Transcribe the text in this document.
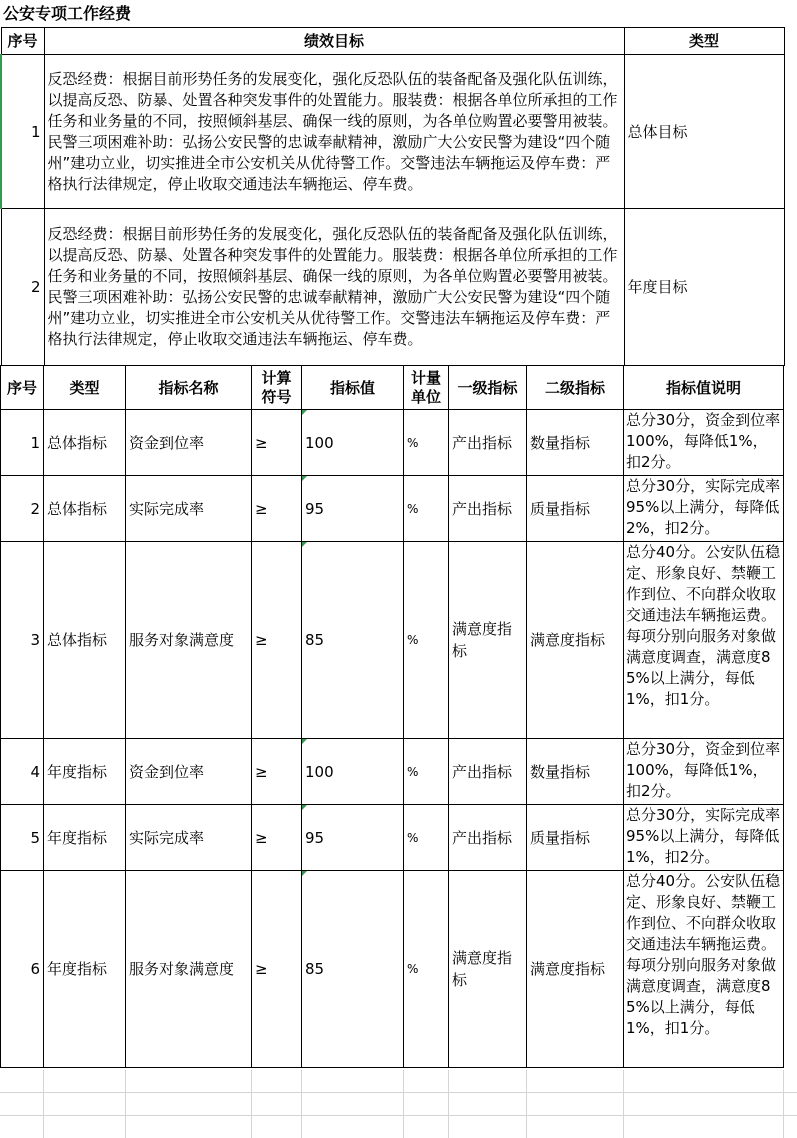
公安专项工作经费
序号	绩效目标	类型
1	反恐经费：根据目前形势任务的发展变化，强化反恐队伍的装备配备及强化队伍训练，以提高反恐、防暴、处置各种突发事件的处置能力。服装费：根据各单位所承担的工作任务和业务量的不同，按照倾斜基层、确保一线的原则，为各单位购置必要警用被装。民警三项困难补助：弘扬公安民警的忠诚奉献精神，激励广大公安民警为建设“四个随州”建功立业，切实推进全市公安机关从优待警工作。交警违法车辆拖运及停车费：严格执行法律规定，停止收取交通违法车辆拖运、停车费。	总体目标
2	反恐经费：根据目前形势任务的发展变化，强化反恐队伍的装备配备及强化队伍训练，以提高反恐、防暴、处置各种突发事件的处置能力。服装费：根据各单位所承担的工作任务和业务量的不同，按照倾斜基层、确保一线的原则，为各单位购置必要警用被装。民警三项困难补助：弘扬公安民警的忠诚奉献精神，激励广大公安民警为建设“四个随州”建功立业，切实推进全市公安机关从优待警工作。交警违法车辆拖运及停车费：严格执行法律规定，停止收取交通违法车辆拖运、停车费。	年度目标
序号	类型	指标名称	计算符号	指标值	计量单位	一级指标	二级指标	指标值说明
1	总体指标	资金到位率	≥	100	%	产出指标	数量指标	总分30分，资金到位率100%，每降低1%，扣2分。
2	总体指标	实际完成率	≥	95	%	产出指标	质量指标	总分30分，实际完成率95%以上满分，每降低2%，扣2分。
3	总体指标	服务对象满意度	≥	85	%	满意度指标	满意度指标	总分40分。公安队伍稳定、形象良好、禁鞭工作到位、不向群众收取交通违法车辆拖运费。每项分别向服务对象做满意度调查，满意度85%以上满分，每低1%，扣1分。
4	年度指标	资金到位率	≥	100	%	产出指标	数量指标	总分30分，资金到位率100%，每降低1%，扣2分。
5	年度指标	实际完成率	≥	95	%	产出指标	质量指标	总分30分，实际完成率95%以上满分，每降低1%，扣2分。
6	年度指标	服务对象满意度	≥	85	%	满意度指标	满意度指标	总分40分。公安队伍稳定、形象良好、禁鞭工作到位、不向群众收取交通违法车辆拖运费。每项分别向服务对象做满意度调查，满意度85%以上满分，每低1%，扣1分。
